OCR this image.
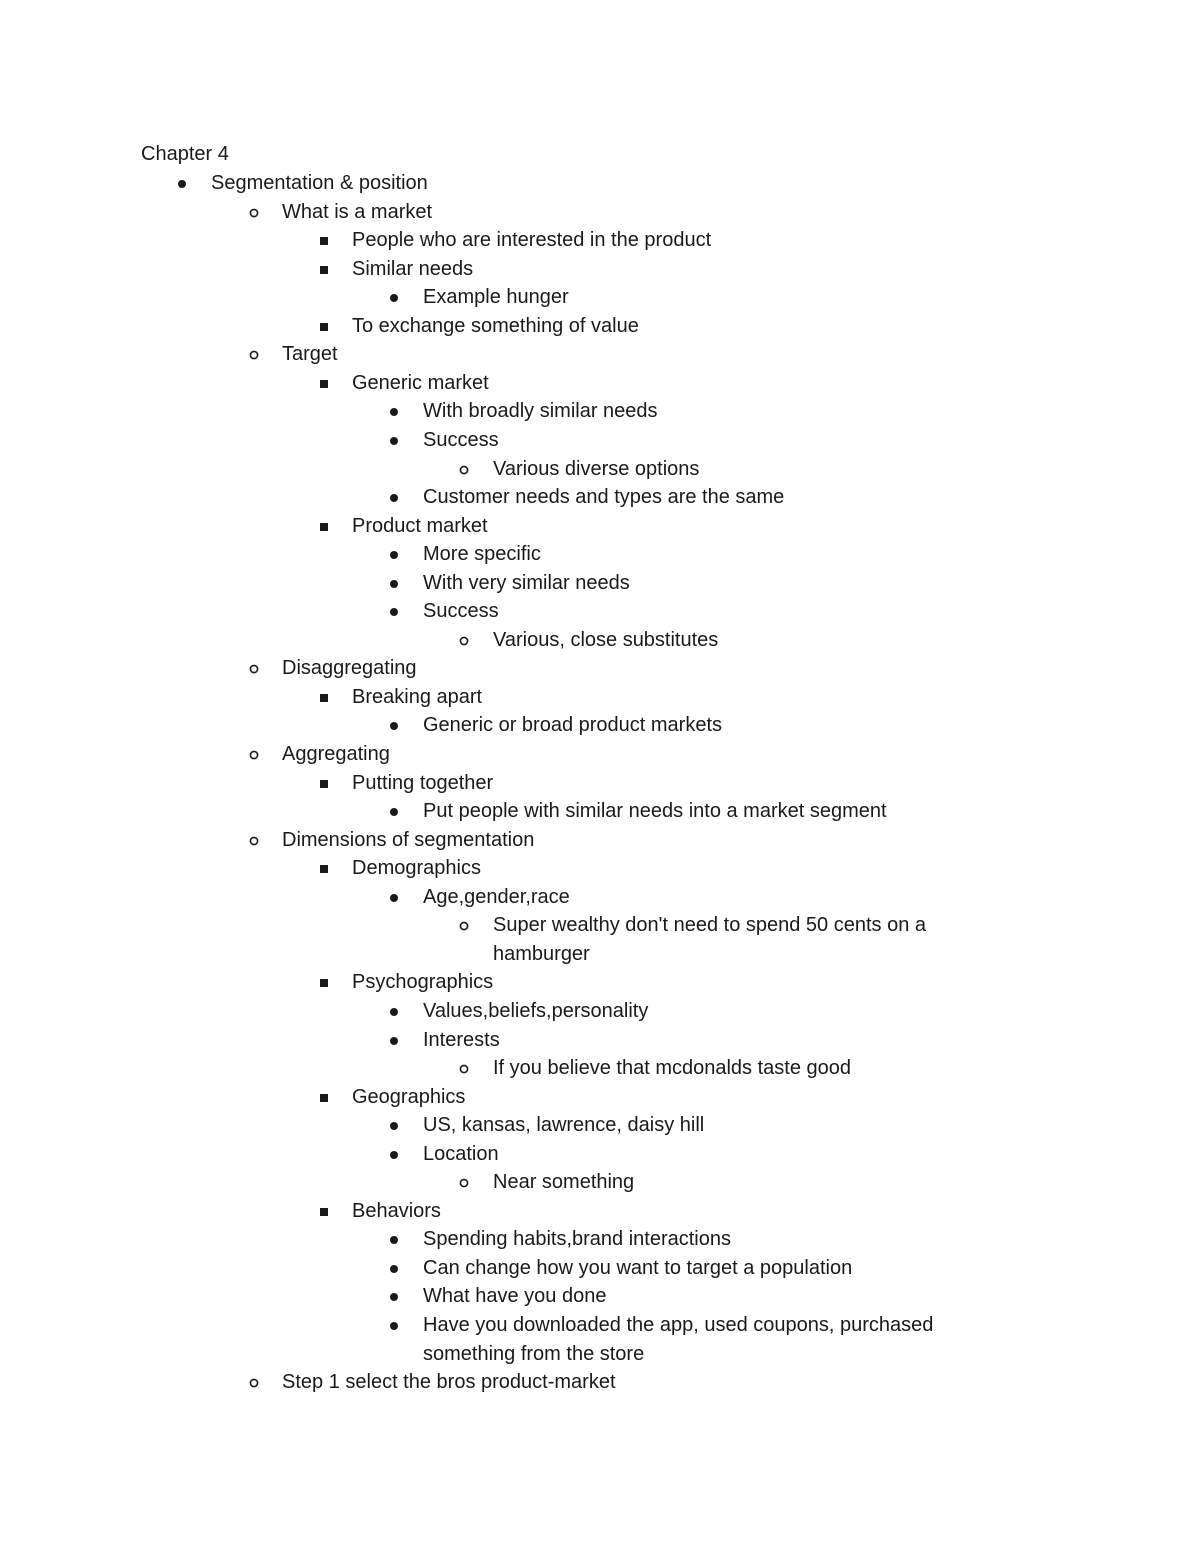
Chapter 4
Segmentation & position
What is a market
People who are interested in the product
Similar needs
Example hunger
To exchange something of value
Target
Generic market
With broadly similar needs
Success
Various diverse options
Customer needs and types are the same
Product market
More specific
With very similar needs
Success
Various, close substitutes
Disaggregating
Breaking apart
Generic or broad product markets
Aggregating
Putting together
Put people with similar needs into a market segment
Dimensions of segmentation
Demographics
Age,gender,race
Super wealthy don't need to spend 50 cents on a hamburger
Psychographics
Values,beliefs,personality
Interests
If you believe that mcdonalds taste good
Geographics
US, kansas, lawrence, daisy hill
Location
Near something
Behaviors
Spending habits,brand interactions
Can change how you want to target a population
What have you done
Have you downloaded the app, used coupons, purchased something from the store
Step 1 select the bros product-market
